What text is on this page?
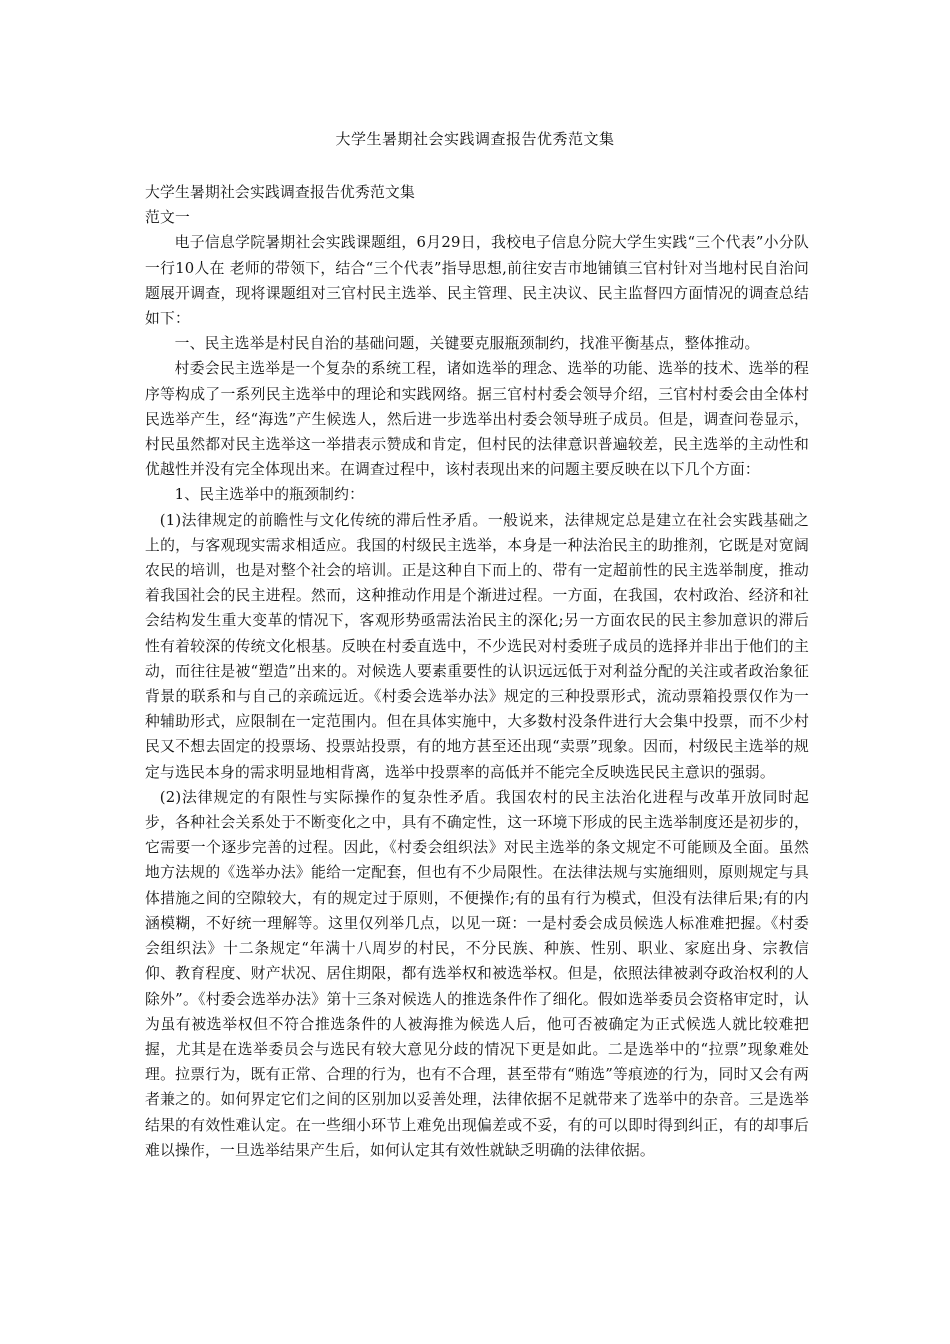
大学生暑期社会实践调查报告优秀范文集

大学生暑期社会实践调查报告优秀范文集

范文一

电子信息学院暑期社会实践课题组，6月29日，我校电子信息分院大学生实践“三个代表”小分队一行10人在 老师的带领下，结合“三个代表”指导思想,前往安吉市地铺镇三官村针对当地村民自治问题展开调查，现将课题组对三官村民主选举、民主管理、民主决议、民主监督四方面情况的调查总结如下：

一、民主选举是村民自治的基础问题，关键要克服瓶颈制约，找准平衡基点，整体推动。

村委会民主选举是一个复杂的系统工程，诸如选举的理念、选举的功能、选举的技术、选举的程序等构成了一系列民主选举中的理论和实践网络。据三官村村委会领导介绍，三官村村委会由全体村民选举产生，经“海选”产生候选人，然后进一步选举出村委会领导班子成员。但是，调查问卷显示，村民虽然都对民主选举这一举措表示赞成和肯定，但村民的法律意识普遍较差，民主选举的主动性和优越性并没有完全体现出来。在调查过程中，该村表现出来的问题主要反映在以下几个方面：

1、民主选举中的瓶颈制约：

(1)法律规定的前瞻性与文化传统的滞后性矛盾。一般说来，法律规定总是建立在社会实践基础之上的，与客观现实需求相适应。我国的村级民主选举，本身是一种法治民主的助推剂，它既是对宽阔农民的培训，也是对整个社会的培训。正是这种自下而上的、带有一定超前性的民主选举制度，推动着我国社会的民主进程。然而，这种推动作用是个渐进过程。一方面，在我国，农村政治、经济和社会结构发生重大变革的情况下，客观形势亟需法治民主的深化;另一方面农民的民主参加意识的滞后性有着较深的传统文化根基。反映在村委直选中，不少选民对村委班子成员的选择并非出于他们的主动，而往往是被“塑造”出来的。对候选人要素重要性的认识远远低于对利益分配的关注或者政治象征背景的联系和与自己的亲疏远近。《村委会选举办法》规定的三种投票形式，流动票箱投票仅作为一种辅助形式，应限制在一定范围内。但在具体实施中，大多数村没条件进行大会集中投票，而不少村民又不想去固定的投票场、投票站投票，有的地方甚至还出现“卖票”现象。因而，村级民主选举的规定与选民本身的需求明显地相背离，选举中投票率的高低并不能完全反映选民民主意识的强弱。

(2)法律规定的有限性与实际操作的复杂性矛盾。我国农村的民主法治化进程与改革开放同时起步，各种社会关系处于不断变化之中，具有不确定性，这一环境下形成的民主选举制度还是初步的，它需要一个逐步完善的过程。因此，《村委会组织法》对民主选举的条文规定不可能顾及全面。虽然地方法规的《选举办法》能给一定配套，但也有不少局限性。在法律法规与实施细则，原则规定与具体措施之间的空隙较大，有的规定过于原则，不便操作;有的虽有行为模式，但没有法律后果;有的内涵模糊，不好统一理解等。这里仅列举几点，以见一斑：一是村委会成员候选人标准难把握。《村委会组织法》十二条规定“年满十八周岁的村民，不分民族、种族、性别、职业、家庭出身、宗教信仰、教育程度、财产状况、居住期限，都有选举权和被选举权。但是，依照法律被剥夺政治权利的人除外”。《村委会选举办法》第十三条对候选人的推选条件作了细化。假如选举委员会资格审定时，认为虽有被选举权但不符合推选条件的人被海推为候选人后，他可否被确定为正式候选人就比较难把握，尤其是在选举委员会与选民有较大意见分歧的情况下更是如此。二是选举中的“拉票”现象难处理。拉票行为，既有正常、合理的行为，也有不合理，甚至带有“贿选”等痕迹的行为，同时又会有两者兼之的。如何界定它们之间的区别加以妥善处理，法律依据不足就带来了选举中的杂音。三是选举结果的有效性难认定。在一些细小环节上难免出现偏差或不妥，有的可以即时得到纠正，有的却事后难以操作，一旦选举结果产生后，如何认定其有效性就缺乏明确的法律依据。
